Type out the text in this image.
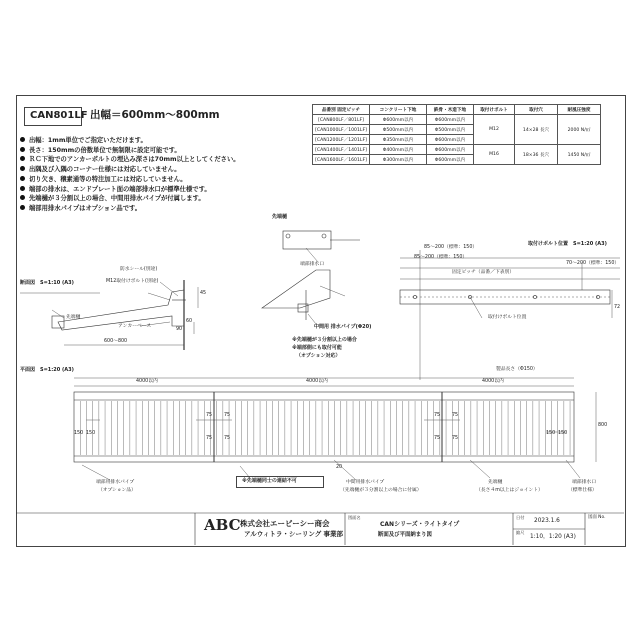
CAN801LF 出幅＝600mm～800mm
出幅：1mm単位でご指定いただけます。
長さ：150mmの倍数単位で無制限に設定可能です。
ＲＣ下地でのアンカーボルトの埋込み深さは70mm以上としてください。
出隅及び入隅のコーナー仕様には対応していません。
切り欠き、穣素通等の特注加工には対応していません。
端部の排水は、エンドプレート面の端部排水口が標準仕様です。
先端樋が３分割以上の場合、中間用排水パイプが付属します。
端部用排水パイプはオプション品です。
品番別 固定ピッチ	コンクリート下地	鉄骨・木造下地	取付けボルト	取付穴	耐風圧強度
[CAN800LF／801LF]	Φ600mm以内	Φ600mm以内	M12	14×28 長穴	2000 N/㎡
[CAN1000LF／1001LF]	Φ500mm以内	Φ500mm以内			
[CAN1200LF／1201LF]	Φ350mm以内	Φ600mm以内			
[CAN1400LF／1401LF]	Φ400mm以内	Φ600mm以内	M16	18×36 長穴	1450 N/㎡
[CAN1600LF／1601LF]	Φ300mm以内	Φ600mm以内			
断面図　S=1:10 (A3)
防水シール(別途)
M12取付けボルト(別途)
先端樋
アンカーベース
600～800
45
60
90
先端樋
端部排水口
中間用 排水パイプ(Φ20)
※先端樋が３分割以上の場合
※端部側にも取付可能
（オプション対応）
取付けボルト位置　S=1:20 (A3)
85～200（標準：150）
85～200（標準：150）
70～200（標準：150）
固定ピッチ（品番／下表別）
取付けボルト位置
72
平面図　S=1:20 (A3)	製品長さ（Φ150）
4000以内	4000以内	4000以内
75 75	75 75
75 75	75 75
150 150	150 150
800
20
端部用排水パイプ
（オプション品）
※先端樋同士の連結不可	中間用排水パイプ
（先端樋が３分割以上の場合に付属）
先端樋
（長さ４m以上はジョイント）
端部排水口
（標準仕様）
ABC 株式会社エービーシー商会
アルウィトラ・シーリング 事業部
図面名
CANシリーズ・ライトタイプ
断面及び平面納まり図
日付
2023.1.6
縮尺
1:10，1:20 (A3)
図面 No.
